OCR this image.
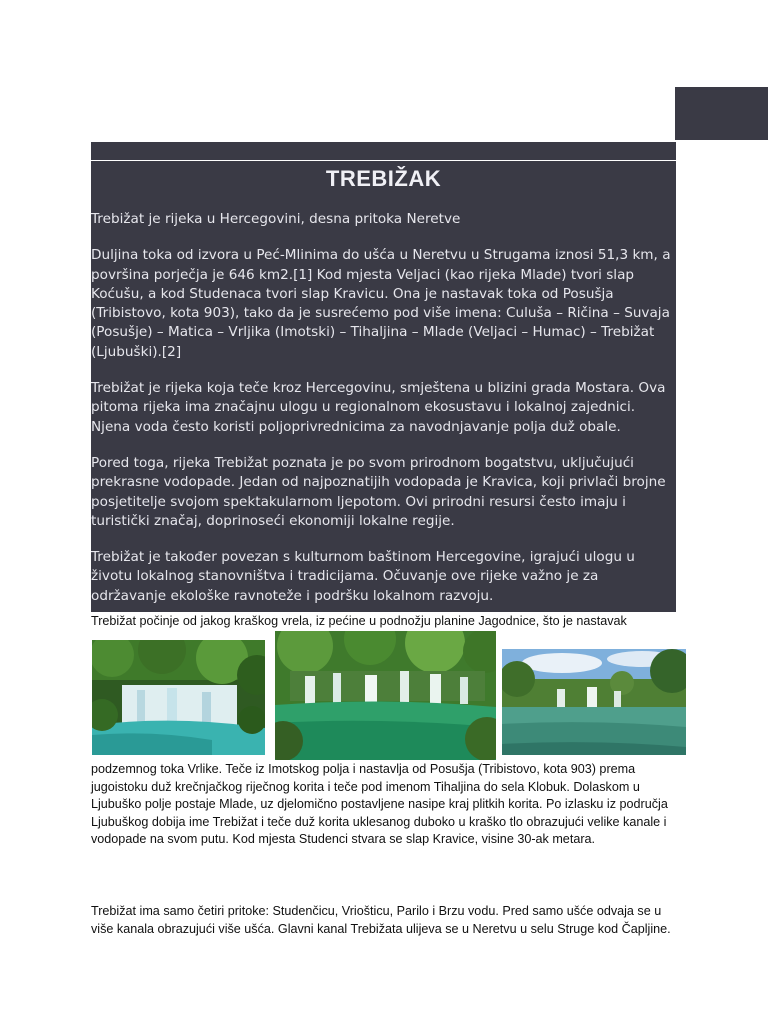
TREBIŽAK

Trebižat je rijeka u Hercegovini, desna pritoka Neretve

Duljina toka od izvora u Peć-Mlinima do ušća u Neretvu u Strugama iznosi 51,3 km, a površina porječja je 646 km2.[1] Kod mjesta Veljaci (kao rijeka Mlade) tvori slap Koćušu, a kod Studenaca tvori slap Kravicu. Ona je nastavak toka od Posušja (Tribistovo, kota 903), tako da je susrećemo pod više imena: Culuša – Ričina – Suvaja (Posušje) – Matica – Vrljika (Imotski) – Tihaljina – Mlade (Veljaci – Humac) – Trebižat (Ljubuški).[2]

Trebižat je rijeka koja teče kroz Hercegovinu, smještena u blizini grada Mostara. Ova pitoma rijeka ima značajnu ulogu u regionalnom ekosustavu i lokalnoj zajednici. Njena voda često koristi poljoprivrednicima za navodnjavanje polja duž obale.

Pored toga, rijeka Trebižat poznata je po svom prirodnom bogatstvu, uključujući prekrasne vodopade. Jedan od najpoznatijih vodopada je Kravica, koji privlači brojne posjetitelje svojom spektakularnom ljepotom. Ovi prirodni resursi često imaju i turistički značaj, doprinoseći ekonomiji lokalne regije.

Trebižat je također povezan s kulturnom baštinom Hercegovine, igrajući ulogu u životu lokalnog stanovništva i tradicijama. Očuvanje ove rijeke važno je za održavanje ekološke ravnoteže i podršku lokalnom razvoju.

Trebižat počinje od jakog kraškog vrela, iz pećine u podnožju planine Jagodnice, što je nastavak

podzemnog toka Vrlike. Teče iz Imotskog polja i nastavlja od Posušja (Tribistovo, kota 903) prema jugoistoku duž krečnjačkog riječnog korita i teče pod imenom Tihaljina do sela Klobuk. Dolaskom u Ljubuško polje postaje Mlade, uz djelomično postavljene nasipe kraj plitkih korita. Po izlasku iz područja Ljubuškog dobija ime Trebižat i teče duž korita uklesanog duboko u kraško tlo obrazujući velike kanale i vodopade na svom putu. Kod mjesta Studenci stvara se slap Kravice, visine 30-ak metara.

Trebižat ima samo četiri pritoke: Studenčicu, Vriošticu, Parilo i Brzu vodu. Pred samo ušće odvaja se u više kanala obrazujući više ušća. Glavni kanal Trebižata ulijeva se u Neretvu u selu Struge kod Čapljine.
